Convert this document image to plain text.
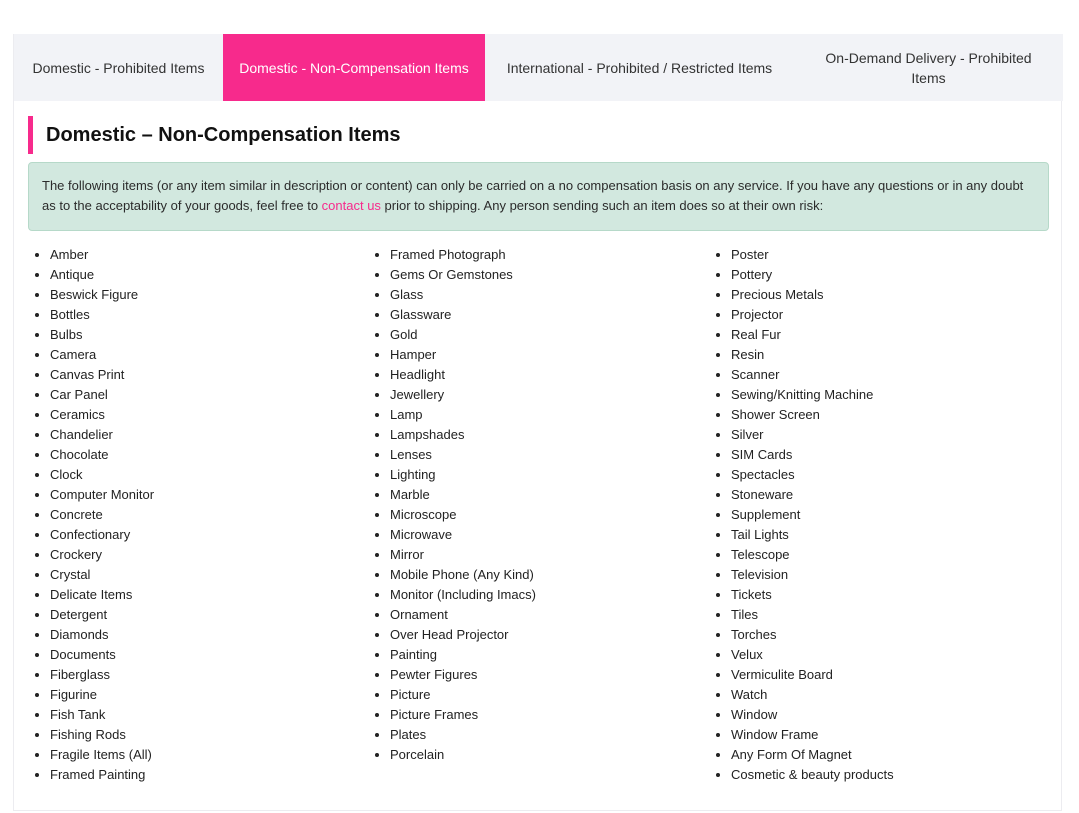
Domestic - Prohibited Items	Domestic - Non-Compensation Items	International - Prohibited / Restricted Items
On-Demand Delivery - Prohibited Items
Domestic – Non-Compensation Items
The following items (or any item similar in description or content) can only be carried on a no compensation basis on any service. If you have any questions or in any doubt as to the acceptability of your goods, feel free to contact us prior to shipping. Any person sending such an item does so at their own risk:
Amber
Antique
Beswick Figure
Bottles
Bulbs
Camera
Canvas Print
Car Panel
Ceramics
Chandelier
Chocolate
Clock
Computer Monitor
Concrete
Confectionary
Crockery
Crystal
Delicate Items
Detergent
Diamonds
Documents
Fiberglass
Figurine
Fish Tank
Fishing Rods
Fragile Items (All)
Framed Painting
Framed Photograph
Gems Or Gemstones
Glass
Glassware
Gold
Hamper
Headlight
Jewellery
Lamp
Lampshades
Lenses
Lighting
Marble
Microscope
Microwave
Mirror
Mobile Phone (Any Kind)
Monitor (Including Imacs)
Ornament
Over Head Projector
Painting
Pewter Figures
Picture
Picture Frames
Plates
Porcelain
Poster
Pottery
Precious Metals
Projector
Real Fur
Resin
Scanner
Sewing/Knitting Machine
Shower Screen
Silver
SIM Cards
Spectacles
Stoneware
Supplement
Tail Lights
Telescope
Television
Tickets
Tiles
Torches
Velux
Vermiculite Board
Watch
Window
Window Frame
Any Form Of Magnet
Cosmetic & beauty products
